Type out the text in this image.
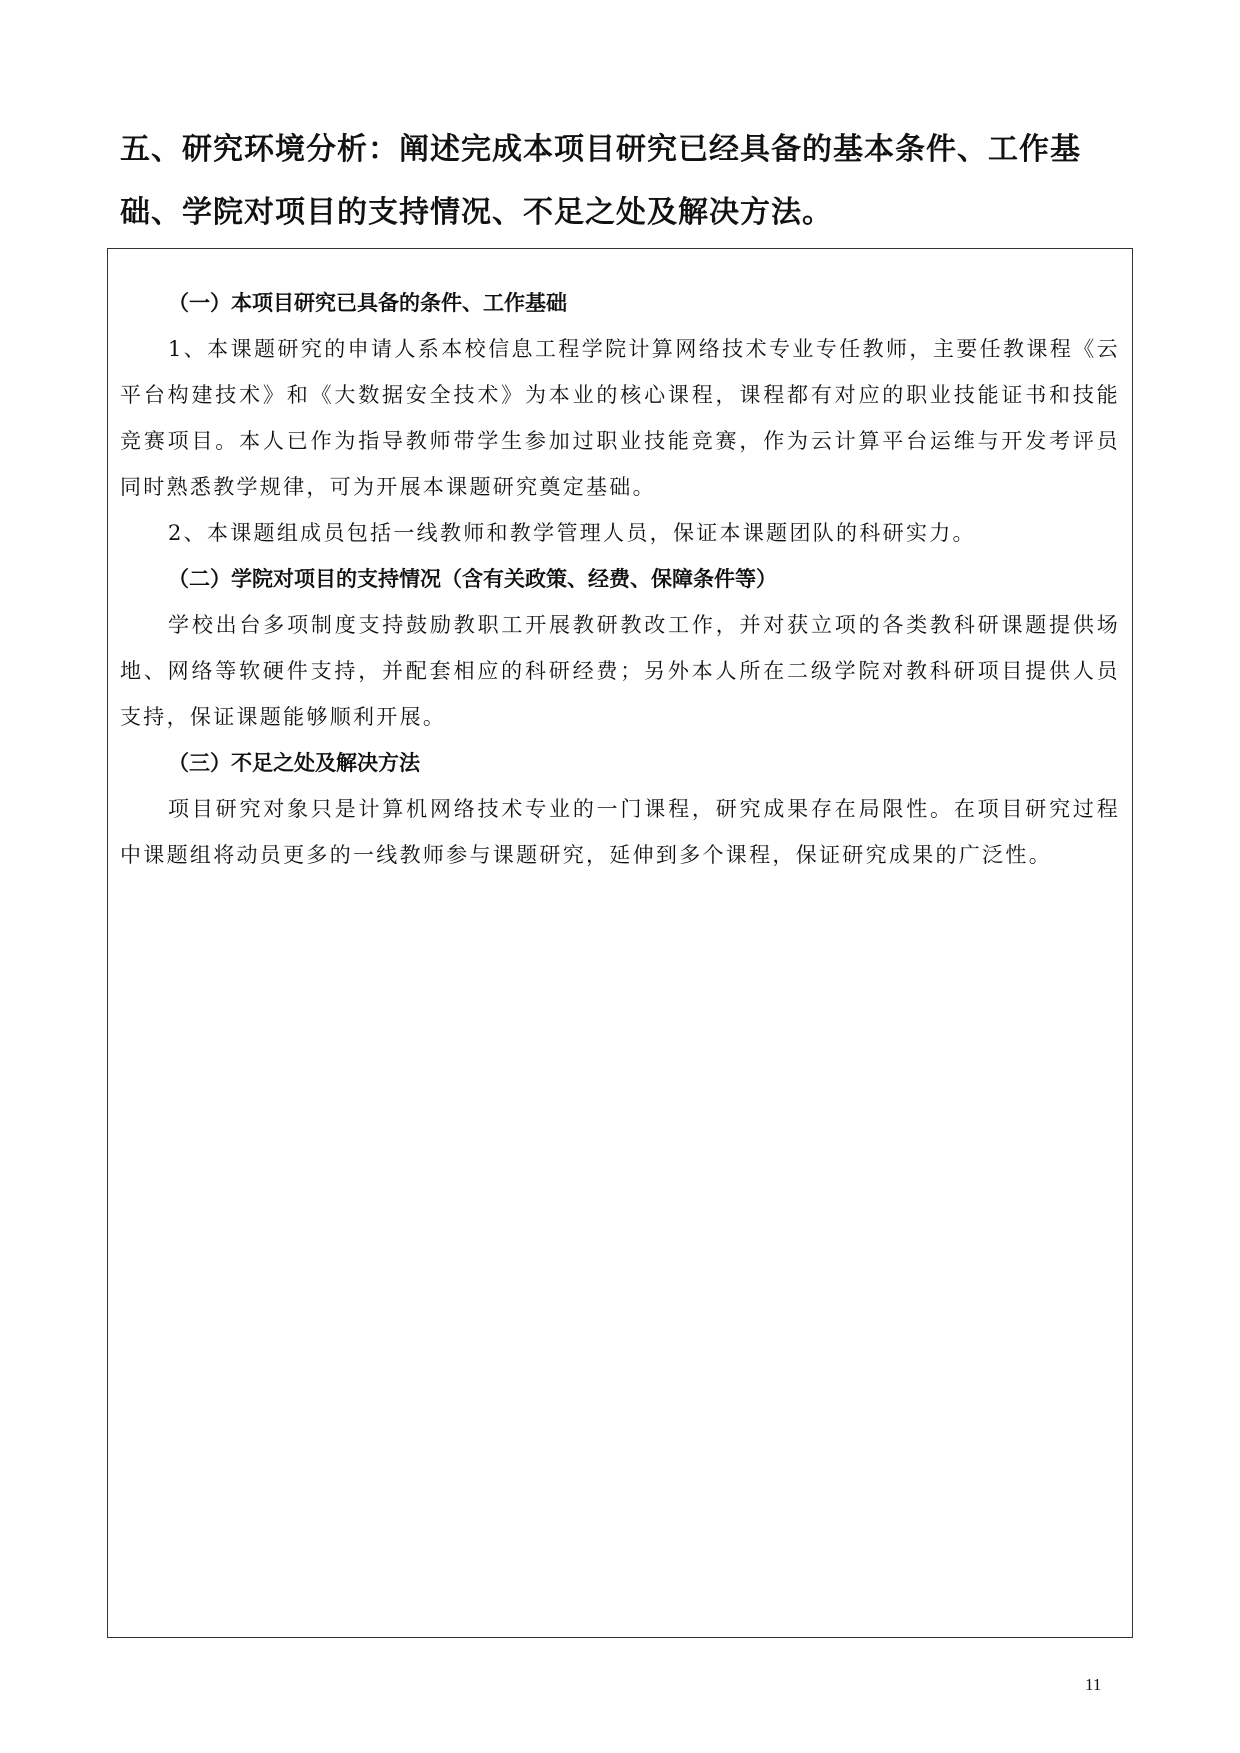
五、研究环境分析：阐述完成本项目研究已经具备的基本条件、工作基础、学院对项目的支持情况、不足之处及解决方法。

（一）本项目研究已具备的条件、工作基础

1、本课题研究的申请人系本校信息工程学院计算网络技术专业专任教师，主要任教课程《云平台构建技术》和《大数据安全技术》为本业的核心课程，课程都有对应的职业技能证书和技能竞赛项目。本人已作为指导教师带学生参加过职业技能竞赛，作为云计算平台运维与开发考评员同时熟悉教学规律，可为开展本课题研究奠定基础。

2、本课题组成员包括一线教师和教学管理人员，保证本课题团队的科研实力。

（二）学院对项目的支持情况（含有关政策、经费、保障条件等）

学校出台多项制度支持鼓励教职工开展教研教改工作，并对获立项的各类教科研课题提供场地、网络等软硬件支持，并配套相应的科研经费；另外本人所在二级学院对教科研项目提供人员支持，保证课题能够顺利开展。

（三）不足之处及解决方法

项目研究对象只是计算机网络技术专业的一门课程，研究成果存在局限性。在项目研究过程中课题组将动员更多的一线教师参与课题研究，延伸到多个课程，保证研究成果的广泛性。

11
